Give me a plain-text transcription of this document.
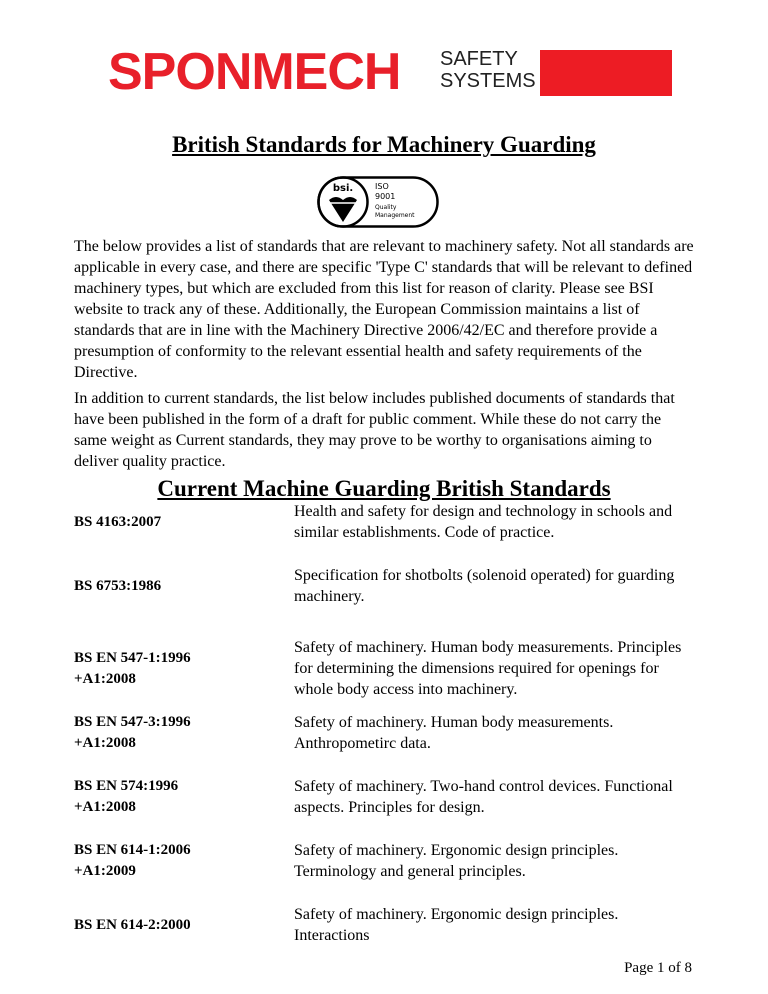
SPONMECH SAFETY
SYSTEMS
British Standards for Machinery Guarding
bsi.	ISO
9001
Quality
Management

The below provides a list of standards that are relevant to machinery safety. Not all standards are applicable in every case, and there are specific 'Type C' standards that will be relevant to defined machinery types, but which are excluded from this list for reason of clarity. Please see BSI website to track any of these. Additionally, the European Commission maintains a list of standards that are in line with the Machinery Directive 2006/42/EC and therefore provide a presumption of conformity to the relevant essential health and safety requirements of the Directive.

In addition to current standards, the list below includes published documents of standards that have been published in the form of a draft for public comment. While these do not carry the same weight as Current standards, they may prove to be worthy to organisations aiming to deliver quality practice.

Current Machine Guarding British Standards
BS 4163:2007
Health and safety for design and technology in schools and similar establishments. Code of practice.
BS 6753:1986
Specification for shotbolts (solenoid operated) for guarding machinery.
BS EN 547-1:1996 +A1:2008
Safety of machinery. Human body measurements. Principles for determining the dimensions required for openings for whole body access into machinery.
BS EN 547-3:1996 +A1:2008
Safety of machinery. Human body measurements. Anthropometirc data.
BS EN 574:1996 +A1:2008
Safety of machinery. Two-hand control devices. Functional aspects. Principles for design.
BS EN 614-1:2006 +A1:2009
Safety of machinery. Ergonomic design principles. Terminology and general principles.
BS EN 614-2:2000
Safety of machinery. Ergonomic design principles. Interactions
Page 1 of 8
